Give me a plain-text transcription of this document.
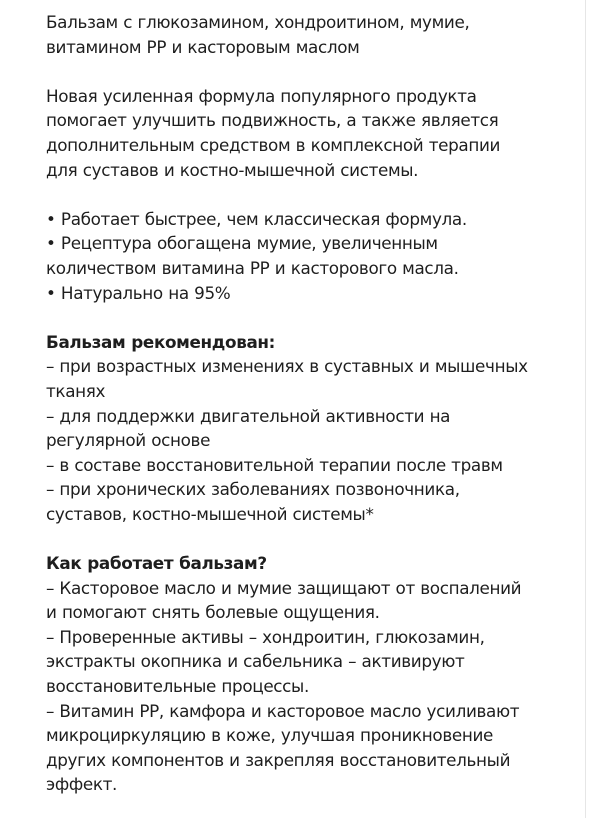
Бальзам с глюкозамином, хондроитином, мумие,
витамином РР и касторовым маслом

Новая усиленная формула популярного продукта
помогает улучшить подвижность, а также является
дополнительным средством в комплексной терапии
для суставов и костно-мышечной системы.

• Работает быстрее, чем классическая формула.
• Рецептура обогащена мумие, увеличенным
количеством витамина РР и касторового масла.
• Натурально на 95%

Бальзам рекомендован:
– при возрастных изменениях в суставных и мышечных
тканях
– для поддержки двигательной активности на
регулярной основе
– в составе восстановительной терапии после травм
– при хронических заболеваниях позвоночника,
суставов, костно-мышечной системы*

Как работает бальзам?
– Касторовое масло и мумие защищают от воспалений
и помогают снять болевые ощущения.
– Проверенные активы – хондроитин, глюкозамин,
экстракты окопника и сабельника – активируют
восстановительные процессы.
– Витамин РР, камфора и касторовое масло усиливают
микроциркуляцию в коже, улучшая проникновение
других компонентов и закрепляя восстановительный
эффект.
